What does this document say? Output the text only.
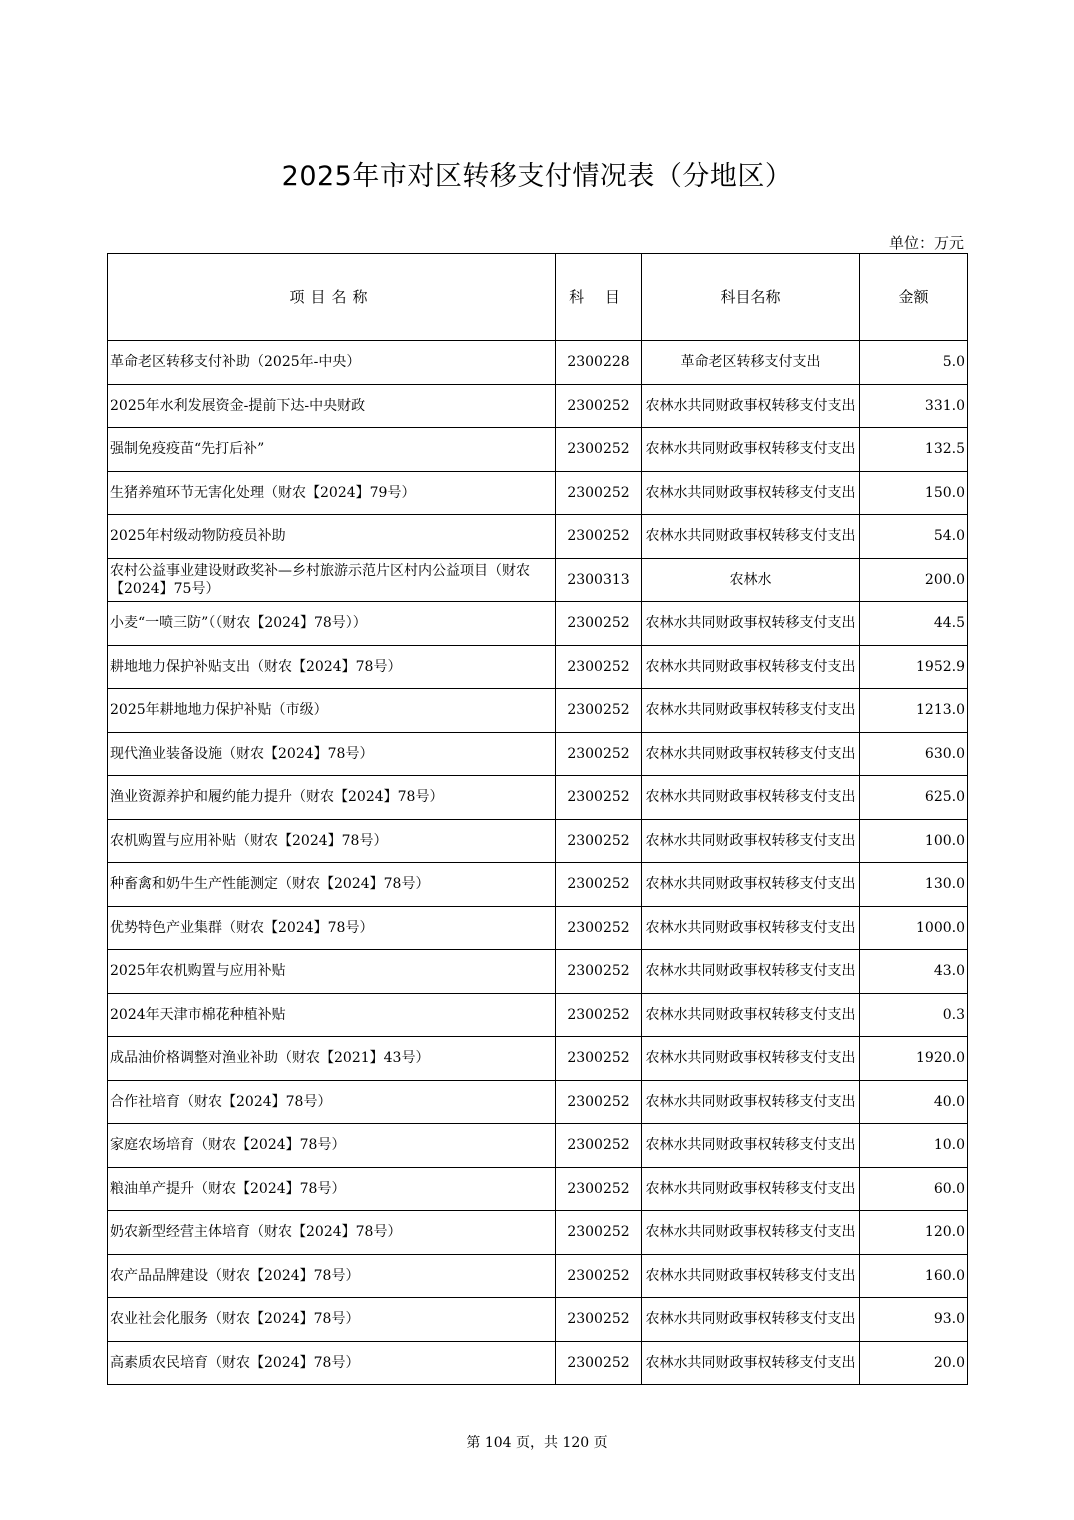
2025年市对区转移支付情况表（分地区）
单位：万元
项目名称	科 目	科目名称	金额
革命老区转移支付补助（2025年-中央）	2300228	革命老区转移支付支出	5.0
2025年水利发展资金-提前下达-中央财政	2300252	农林水共同财政事权转移支付支出	331.0
强制免疫疫苗“先打后补”	2300252	农林水共同财政事权转移支付支出	132.5
生猪养殖环节无害化处理（财农【2024】79号）	2300252	农林水共同财政事权转移支付支出	150.0
2025年村级动物防疫员补助	2300252	农林水共同财政事权转移支付支出	54.0
农村公益事业建设财政奖补—乡村旅游示范片区村内公益项目（财农【2024】75号）	2300313	农林水	200.0
小麦“一喷三防”（（财农【2024】78号））	2300252	农林水共同财政事权转移支付支出	44.5
耕地地力保护补贴支出（财农【2024】78号）	2300252	农林水共同财政事权转移支付支出	1952.9
2025年耕地地力保护补贴（市级）	2300252	农林水共同财政事权转移支付支出	1213.0
现代渔业装备设施（财农【2024】78号）	2300252	农林水共同财政事权转移支付支出	630.0
渔业资源养护和履约能力提升（财农【2024】78号）	2300252	农林水共同财政事权转移支付支出	625.0
农机购置与应用补贴（财农【2024】78号）	2300252	农林水共同财政事权转移支付支出	100.0
种畜禽和奶牛生产性能测定（财农【2024】78号）	2300252	农林水共同财政事权转移支付支出	130.0
优势特色产业集群（财农【2024】78号）	2300252	农林水共同财政事权转移支付支出	1000.0
2025年农机购置与应用补贴	2300252	农林水共同财政事权转移支付支出	43.0
2024年天津市棉花种植补贴	2300252	农林水共同财政事权转移支付支出	0.3
成品油价格调整对渔业补助（财农【2021】43号）	2300252	农林水共同财政事权转移支付支出	1920.0
合作社培育（财农【2024】78号）	2300252	农林水共同财政事权转移支付支出	40.0
家庭农场培育（财农【2024】78号）	2300252	农林水共同财政事权转移支付支出	10.0
粮油单产提升（财农【2024】78号）	2300252	农林水共同财政事权转移支付支出	60.0
奶农新型经营主体培育（财农【2024】78号）	2300252	农林水共同财政事权转移支付支出	120.0
农产品品牌建设（财农【2024】78号）	2300252	农林水共同财政事权转移支付支出	160.0
农业社会化服务（财农【2024】78号）	2300252	农林水共同财政事权转移支付支出	93.0
高素质农民培育（财农【2024】78号）	2300252	农林水共同财政事权转移支付支出	20.0
第 104 页，共 120 页
